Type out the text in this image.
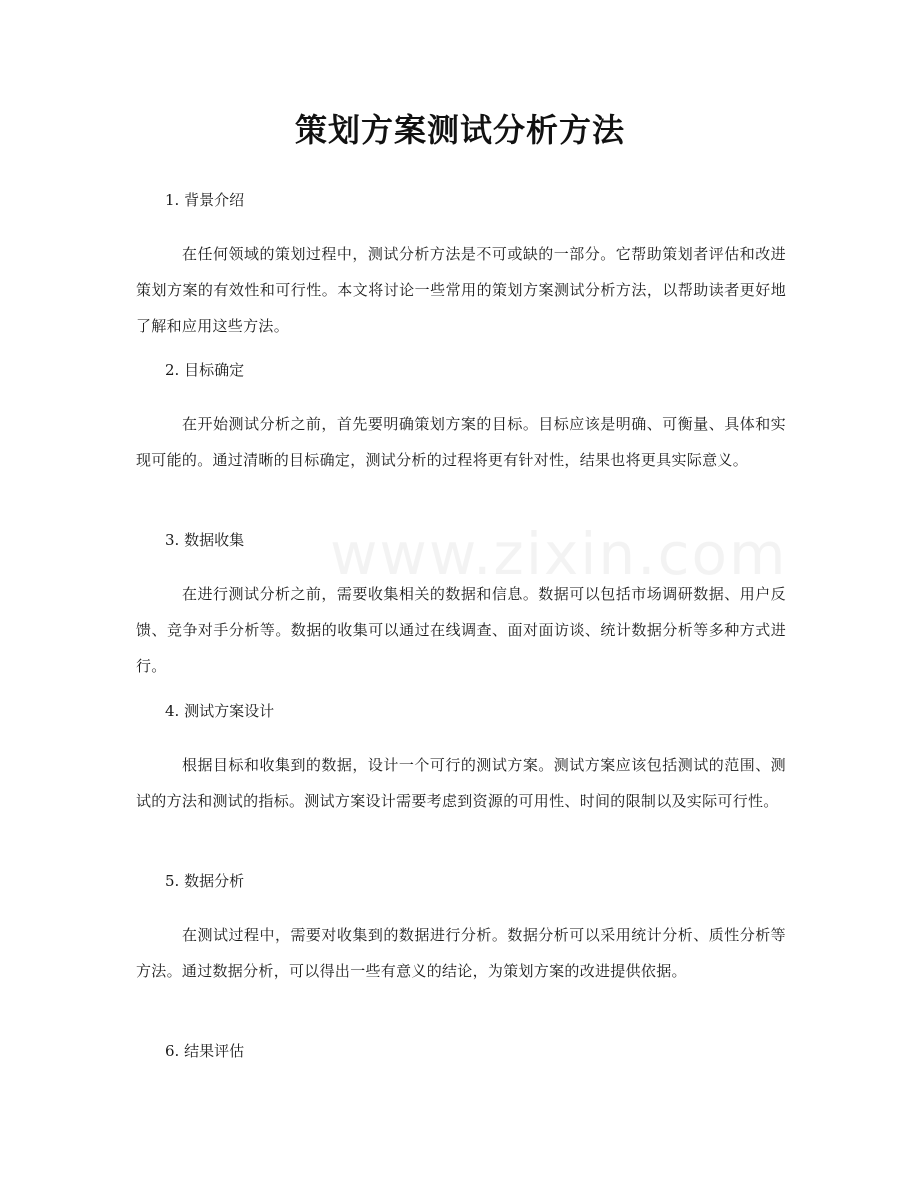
www.zixin.com
策划方案测试分析方法
1. 背景介绍
在任何领域的策划过程中，测试分析方法是不可或缺的一部分。它帮助策划者评估和改进策划方案的有效性和可行性。本文将讨论一些常用的策划方案测试分析方法，以帮助读者更好地了解和应用这些方法。
2. 目标确定
在开始测试分析之前，首先要明确策划方案的目标。目标应该是明确、可衡量、具体和实现可能的。通过清晰的目标确定，测试分析的过程将更有针对性，结果也将更具实际意义。
3. 数据收集
在进行测试分析之前，需要收集相关的数据和信息。数据可以包括市场调研数据、用户反馈、竞争对手分析等。数据的收集可以通过在线调查、面对面访谈、统计数据分析等多种方式进行。
4. 测试方案设计
根据目标和收集到的数据，设计一个可行的测试方案。测试方案应该包括测试的范围、测试的方法和测试的指标。测试方案设计需要考虑到资源的可用性、时间的限制以及实际可行性。
5. 数据分析
在测试过程中，需要对收集到的数据进行分析。数据分析可以采用统计分析、质性分析等方法。通过数据分析，可以得出一些有意义的结论，为策划方案的改进提供依据。
6. 结果评估
